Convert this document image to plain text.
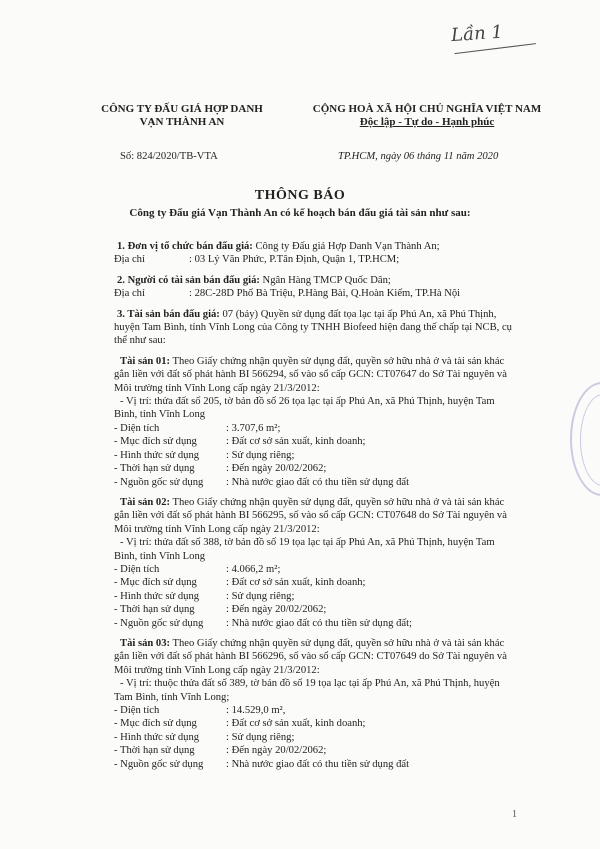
Lần 1
CÔNG TY ĐẤU GIÁ HỢP DANH
VẠN THÀNH AN
CỘNG HOÀ XÃ HỘI CHỦ NGHĨA VIỆT NAM
Độc lập - Tự do - Hạnh phúc
Số: 824/2020/TB-VTA	TP.HCM, ngày 06 tháng 11 năm 2020
THÔNG BÁO
Công ty Đấu giá Vạn Thành An có kế hoạch bán đấu giá tài sản như sau:

1. Đơn vị tổ chức bán đấu giá: Công ty Đấu giá Hợp Danh Vạn Thành An;

Địa chỉ	: 03 Lý Văn Phức, P.Tân Định, Quận 1, TP.HCM;

2. Người có tài sản bán đấu giá: Ngân Hàng TMCP Quốc Dân;

Địa chỉ	: 28C-28D Phố Bà Triệu, P.Hàng Bài, Q.Hoàn Kiếm, TP.Hà Nội

3. Tài sản bán đấu giá: 07 (bảy) Quyền sử dụng đất tọa lạc tại ấp Phú An, xã Phú Thịnh, huyện Tam Bình, tỉnh Vĩnh Long của Công ty TNHH Biofeed hiện đang thế chấp tại NCB, cụ thể như sau:

Tài sản 01: Theo Giấy chứng nhận quyền sử dụng đất, quyền sở hữu nhà ở và tài sản khác gắn liền với đất số phát hành BI 566294, số vào sổ cấp GCN: CT07647 do Sở Tài nguyên và Môi trường tỉnh Vĩnh Long cấp ngày 21/3/2012:

- Vị trí: thửa đất số 205, tờ bản đồ số 26 tọa lạc tại ấp Phú An, xã Phú Thịnh, huyện Tam Bình, tỉnh Vĩnh Long

- Diện tích	: 3.707,6 m²;
- Mục đích sử dụng	: Đất cơ sở sản xuất, kinh doanh;
- Hình thức sử dụng	: Sử dụng riêng;
- Thời hạn sử dụng	: Đến ngày 20/02/2062;
- Nguồn gốc sử dụng	: Nhà nước giao đất có thu tiền sử dụng đất

Tài sản 02: Theo Giấy chứng nhận quyền sử dụng đất, quyền sở hữu nhà ở và tài sản khác gắn liền với đất số phát hành BI 566295, số vào sổ cấp GCN: CT07648 do Sở Tài nguyên và Môi trường tỉnh Vĩnh Long cấp ngày 21/3/2012:

- Vị trí: thửa đất số 388, tờ bản đồ số 19 tọa lạc tại ấp Phú An, xã Phú Thịnh, huyện Tam Bình, tỉnh Vĩnh Long

- Diện tích	: 4.066,2 m²;
- Mục đích sử dụng	: Đất cơ sở sản xuất, kinh doanh;
- Hình thức sử dụng	: Sử dụng riêng;
- Thời hạn sử dụng	: Đến ngày 20/02/2062;
- Nguồn gốc sử dụng	: Nhà nước giao đất có thu tiền sử dụng đất;

Tài sản 03: Theo Giấy chứng nhận quyền sử dụng đất, quyền sở hữu nhà ở và tài sản khác gắn liền với đất số phát hành BI 566296, số vào sổ cấp GCN: CT07649 do Sở Tài nguyên và Môi trường tỉnh Vĩnh Long cấp ngày 21/3/2012:

- Vị trí: thuộc thửa đất số 389, tờ bản đồ số 19 tọa lạc tại ấp Phú An, xã Phú Thịnh, huyện Tam Bình, tỉnh Vĩnh Long;

- Diện tích	: 14.529,0 m²,
- Mục đích sử dụng	: Đất cơ sở sản xuất, kinh doanh;
- Hình thức sử dụng	: Sử dụng riêng;
- Thời hạn sử dụng	: Đến ngày 20/02/2062;
- Nguồn gốc sử dụng	: Nhà nước giao đất có thu tiền sử dụng đất
1
